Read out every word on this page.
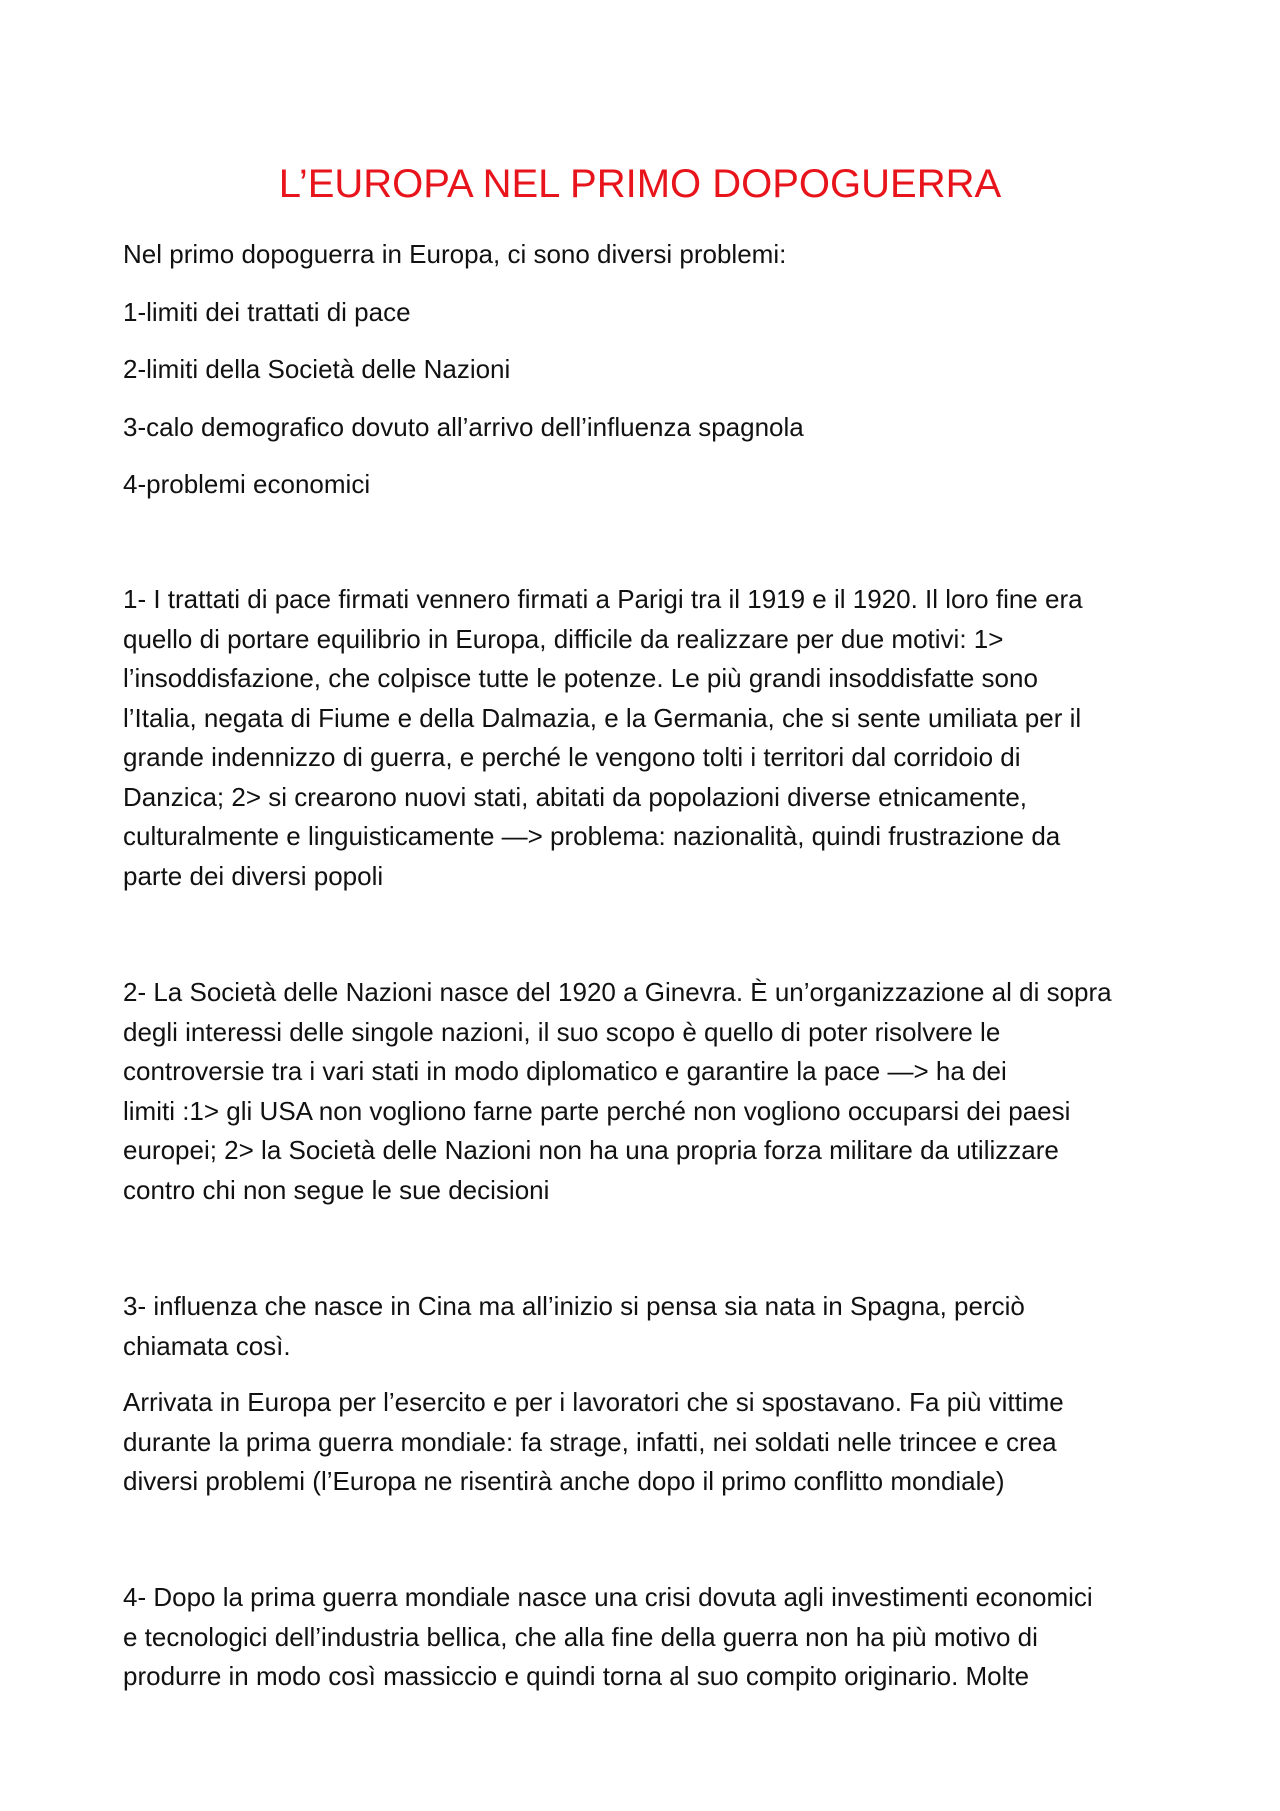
L’EUROPA NEL PRIMO DOPOGUERRA

Nel primo dopoguerra in Europa, ci sono diversi problemi:

1-limiti dei trattati di pace

2-limiti della Società delle Nazioni

3-calo demografico dovuto all’arrivo dell’influenza spagnola

4-problemi economici

1- I trattati di pace firmati vennero firmati a Parigi tra il 1919 e il 1920. Il loro fine era
quello di portare equilibrio in Europa, difficile da realizzare per due motivi: 1>
l’insoddisfazione, che colpisce tutte le potenze. Le più grandi insoddisfatte sono
l’Italia, negata di Fiume e della Dalmazia, e la Germania, che si sente umiliata per il
grande indennizzo di guerra, e perché le vengono tolti i territori dal corridoio di
Danzica; 2> si crearono nuovi stati, abitati da popolazioni diverse etnicamente,
culturalmente e linguisticamente —> problema: nazionalità, quindi frustrazione da
parte dei diversi popoli
2- La Società delle Nazioni nasce del 1920 a Ginevra. È un’organizzazione al di sopra
degli interessi delle singole nazioni, il suo scopo è quello di poter risolvere le
controversie tra i vari stati in modo diplomatico e garantire la pace —> ha dei
limiti :1> gli USA non vogliono farne parte perché non vogliono occuparsi dei paesi
europei; 2> la Società delle Nazioni non ha una propria forza militare da utilizzare
contro chi non segue le sue decisioni
3- influenza che nasce in Cina ma all’inizio si pensa sia nata in Spagna, perciò
chiamata così.
Arrivata in Europa per l’esercito e per i lavoratori che si spostavano. Fa più vittime
durante la prima guerra mondiale: fa strage, infatti, nei soldati nelle trincee e crea
diversi problemi (l’Europa ne risentirà anche dopo il primo conflitto mondiale)
4- Dopo la prima guerra mondiale nasce una crisi dovuta agli investimenti economici
e tecnologici dell’industria bellica, che alla fine della guerra non ha più motivo di
produrre in modo così massiccio e quindi torna al suo compito originario. Molte
